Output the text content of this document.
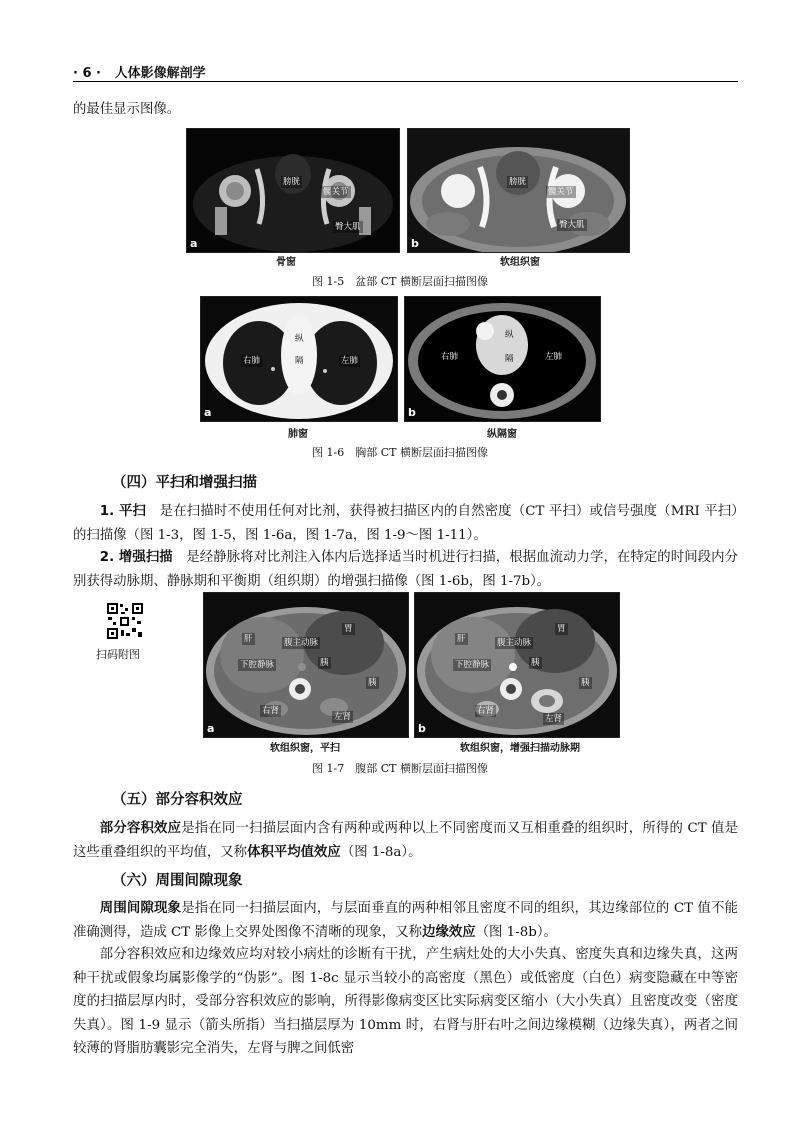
· 6 · 人体影像解剖学
的最佳显示图像。
膀胱
髋关节
臀大肌
a
膀胱
髋关节
臀大肌
b
骨窗	软组织窗
图 1-5　盆部 CT 横断层面扫描图像
纵
隔
右肺	左肺
a
纵
隔
右肺	左肺
b
肺窗	纵隔窗
图 1-6　胸部 CT 横断层面扫描图像
（四）平扫和增强扫描
1. 平扫　是在扫描时不使用任何对比剂，获得被扫描区内的自然密度（CT 平扫）或信号强度（MRI 平扫）的扫描像（图 1-3，图 1-5，图 1-6a，图 1-7a，图 1-9～图 1-11）。
2. 增强扫描　是经静脉将对比剂注入体内后选择适当时机进行扫描，根据血流动力学，在特定的时间段内分别获得动脉期、静脉期和平衡期（组织期）的增强扫描像（图 1-6b，图 1-7b）。
扫码附图
肝	腹主动脉
下腔静脉
胃
胰
胰
右肾
左肾
a
肝	腹主动脉
下腔静脉
胃
胰
胰
右肾
左肾
b
软组织窗，平扫	软组织窗，增强扫描动脉期
图 1-7　腹部 CT 横断层面扫描图像
（五）部分容积效应
部分容积效应是指在同一扫描层面内含有两种或两种以上不同密度而又互相重叠的组织时，所得的 CT 值是这些重叠组织的平均值，又称体积平均值效应（图 1-8a）。
（六）周围间隙现象
周围间隙现象是指在同一扫描层面内，与层面垂直的两种相邻且密度不同的组织，其边缘部位的 CT 值不能准确测得，造成 CT 影像上交界处图像不清晰的现象，又称边缘效应（图 1-8b）。
部分容积效应和边缘效应均对较小病灶的诊断有干扰，产生病灶处的大小失真、密度失真和边缘失真，这两种干扰或假象均属影像学的“伪影”。图 1-8c 显示当较小的高密度（黑色）或低密度（白色）病变隐藏在中等密度的扫描层厚内时，受部分容积效应的影响，所得影像病变区比实际病变区缩小（大小失真）且密度改变（密度失真）。图 1-9 显示（箭头所指）当扫描层厚为 10mm 时，右肾与肝右叶之间边缘模糊（边缘失真），两者之间较薄的肾脂肪囊影完全消失，左肾与脾之间低密
